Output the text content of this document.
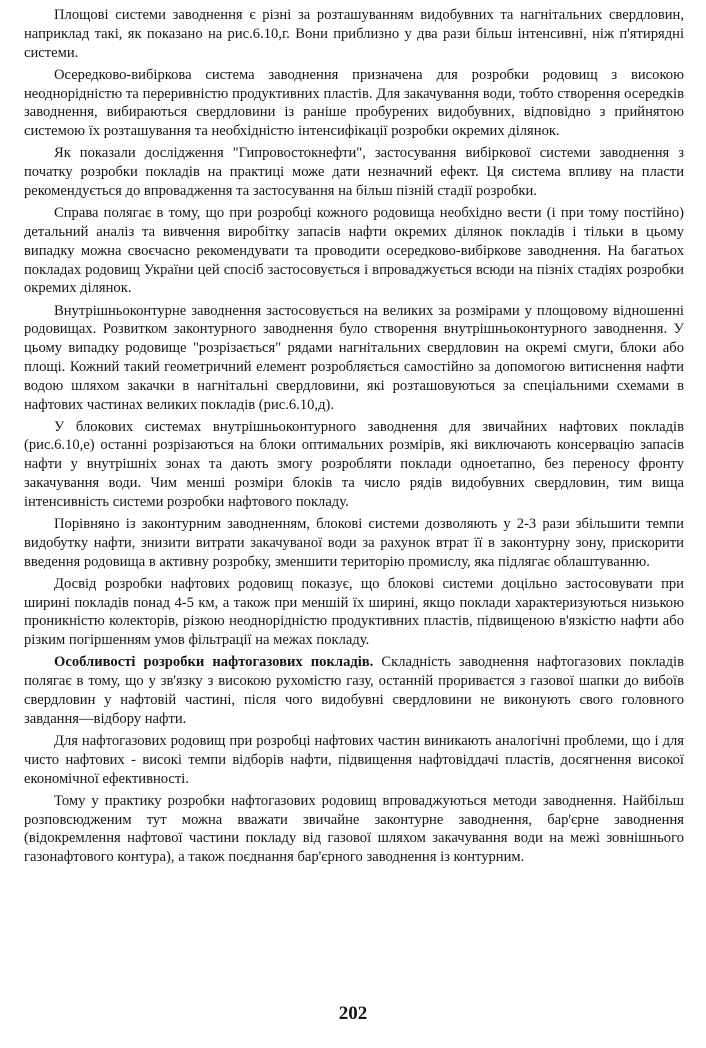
Площові системи заводнення є різні за розташуванням видобувних та нагнітальних свердловин, наприклад такі, як показано на рис.6.10,г. Вони приблизно у два рази більш інтенсивні, ніж п'ятирядні системи.

Осередково-вибіркова система заводнення призначена для розробки родовищ з високою неоднорідністю та переривністю продуктивних пластів. Для закачування води, тобто створення осередків заводнення, вибираються свердловини із раніше пробурених видобувних, відповідно з прийнятою системою їх розташування та необхідністю інтенсифікації розробки окремих ділянок.

Як показали дослідження "Гипровостокнефти", застосування вибіркової системи заводнення з початку розробки покладів на практиці може дати незначний ефект. Ця система впливу на пласти рекомендується до впровадження та застосування на більш пізній стадії розробки.

Справа полягає в тому, що при розробці кожного родовища необхідно вести (і при тому постійно) детальний аналіз та вивчення виробітку запасів нафти окремих ділянок покладів і тільки в цьому випадку можна своєчасно рекомендувати та проводити осередково-вибіркове заводнення. На багатьох покладах родовищ України цей спосіб застосовується і впроваджується всюди на пізніх стадіях розробки окремих ділянок.

Внутрішньоконтурне заводнення застосовується на великих за розмірами у площовому відношенні родовищах. Розвитком законтурного заводнення було створення внутрішньоконтурного заводнення. У цьому випадку родовище "розрізається" рядами нагнітальних свердловин на окремі смуги, блоки або площі. Кожний такий геометричний елемент розробляється самостійно за допомогою витиснення нафти водою шляхом закачки в нагнітальні свердловини, які розташовуються за спеціальними схемами в нафтових частинах великих покладів (рис.6.10,д).

У блокових системах внутрішньоконтурного заводнення для звичайних нафтових покладів (рис.6.10,е) останні розрізаються на блоки оптимальних розмірів, які виключають консервацію запасів нафти у внутрішніх зонах та дають змогу розробляти поклади одноетапно, без переносу фронту закачування води. Чим менші розміри блоків та число рядів видобувних свердловин, тим вища інтенсивність системи розробки нафтового покладу.

Порівняно із законтурним заводненням, блокові системи дозволяють у 2-3 рази збільшити темпи видобутку нафти, знизити витрати закачуваної води за рахунок втрат її в законтурну зону, прискорити введення родовища в активну розробку, зменшити територію промислу, яка підлягає облаштуванню.

Досвід розробки нафтових родовищ показує, що блокові системи доцільно застосовувати при ширині покладів понад 4-5 км, а також при меншій їх ширині, якщо поклади характеризуються низькою проникністю колекторів, різкою неоднорідністю продуктивних пластів, підвищеною в'язкістю нафти або різким погіршенням умов фільтрації на межах покладу.

Особливості розробки нафтогазових покладів. Складність заводнення нафтогазових покладів полягає в тому, що у зв'язку з високою рухомістю газу, останній прориваєтся з газової шапки до вибоїв свердловин у нафтовій частині, після чого видобувні свердловини не виконують свого головного завдання—відбору нафти.

Для нафтогазових родовищ при розробці нафтових частин виникають аналогічні проблеми, що і для чисто нафтових - високі темпи відборів нафти, підвищення нафтовіддачі пластів, досягнення високої економічної ефективності.

Тому у практику розробки нафтогазових родовищ впроваджуються методи заводнення. Найбільш розповсюдженим тут можна вважати звичайне законтурне заводнення, бар'єрне заводнення (відокремлення нафтової частини покладу від газової шляхом закачування води на межі зовнішнього газонафтового контура), а також поєднання бар'єрного заводнення із контурним.

202
